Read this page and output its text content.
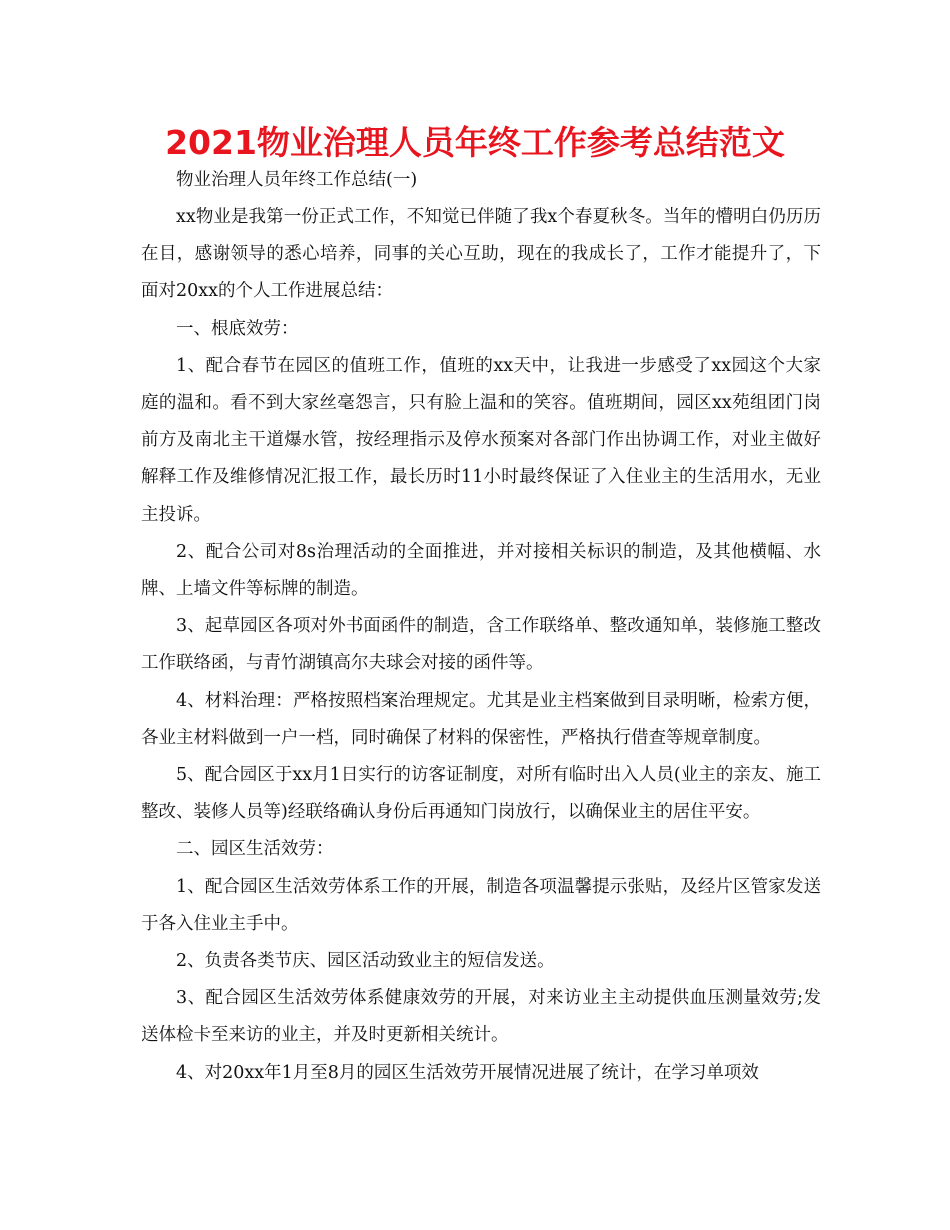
2021物业治理人员年终工作参考总结范文

物业治理人员年终工作总结(一)

xx物业是我第一份正式工作，不知觉已伴随了我x个春夏秋冬。当年的懵明白仍历历在目，感谢领导的悉心培养，同事的关心互助，现在的我成长了，工作才能提升了，下面对20xx的个人工作进展总结：

一、根底效劳：

1、配合春节在园区的值班工作，值班的xx天中，让我进一步感受了xx园这个大家庭的温和。看不到大家丝毫怨言，只有脸上温和的笑容。值班期间，园区xx苑组团门岗前方及南北主干道爆水管，按经理指示及停水预案对各部门作出协调工作，对业主做好解释工作及维修情况汇报工作，最长历时11小时最终保证了入住业主的生活用水，无业主投诉。

2、配合公司对8s治理活动的全面推进，并对接相关标识的制造，及其他横幅、水牌、上墙文件等标牌的制造。

3、起草园区各项对外书面函件的制造，含工作联络单、整改通知单，装修施工整改工作联络函，与青竹湖镇高尔夫球会对接的函件等。

4、材料治理：严格按照档案治理规定。尤其是业主档案做到目录明晰，检索方便，各业主材料做到一户一档，同时确保了材料的保密性，严格执行借查等规章制度。

5、配合园区于xx月1日实行的访客证制度，对所有临时出入人员(业主的亲友、施工整改、装修人员等)经联络确认身份后再通知门岗放行，以确保业主的居住平安。

二、园区生活效劳：

1、配合园区生活效劳体系工作的开展，制造各项温馨提示张贴，及经片区管家发送于各入住业主手中。

2、负责各类节庆、园区活动致业主的短信发送。

3、配合园区生活效劳体系健康效劳的开展，对来访业主主动提供血压测量效劳;发送体检卡至来访的业主，并及时更新相关统计。

4、对20xx年1月至8月的园区生活效劳开展情况进展了统计，在学习单项效
